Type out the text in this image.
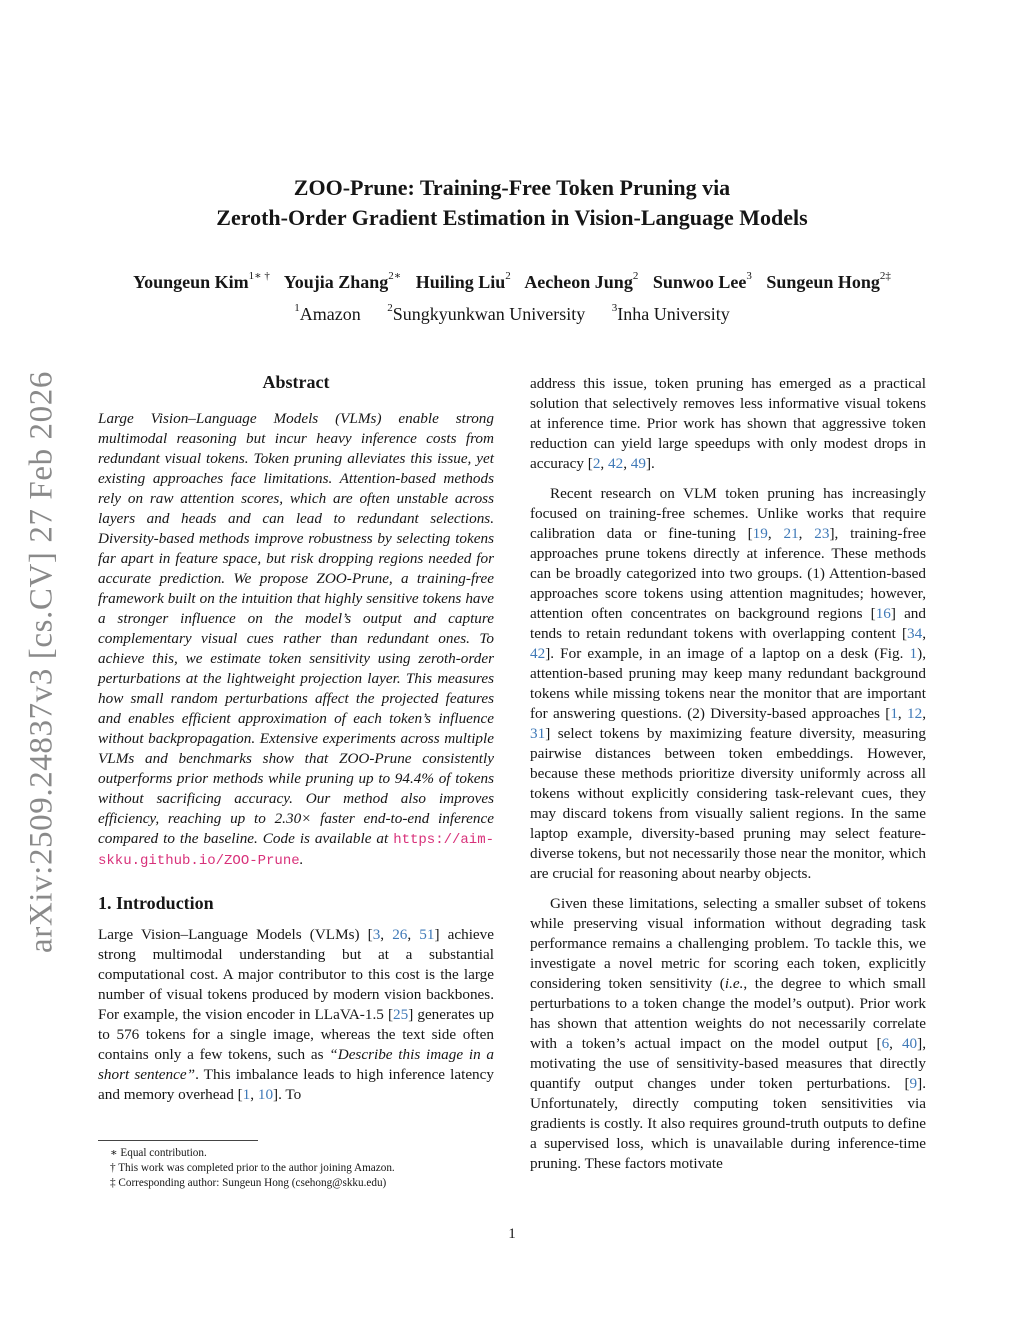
arXiv:2509.24837v3 [cs.CV] 27 Feb 2026
ZOO-Prune: Training-Free Token Pruning via
Zeroth-Order Gradient Estimation in Vision-Language Models
Youngeun Kim$^{1∗ \dagger}$ Youjia Zhang$^{2∗}$ Huiling Liu$^2$ Aecheon Jung$^2$ Sunwoo Lee$^3$ Sungeun Hong$^{2\ddagger}$
$^1$Amazon $^2$Sungkyunkwan University $^3$Inha University
Abstract

Large Vision–Language Models (VLMs) enable strong multimodal reasoning but incur heavy inference costs from redundant visual tokens. Token pruning alleviates this issue, yet existing approaches face limitations. Attention-based methods rely on raw attention scores, which are often unstable across layers and heads and can lead to redundant selections. Diversity-based methods improve robustness by selecting tokens far apart in feature space, but risk dropping regions needed for accurate prediction. We propose ZOO-Prune, a training-free framework built on the intuition that highly sensitive tokens have a stronger influence on the model’s output and capture complementary visual cues rather than redundant ones. To achieve this, we estimate token sensitivity using zeroth-order perturbations at the lightweight projection layer. This measures how small random perturbations affect the projected features and enables efficient approximation of each token’s influence without backpropagation. Extensive experiments across multiple VLMs and benchmarks show that ZOO-Prune consistently outperforms prior methods while pruning up to 94.4% of tokens without sacrificing accuracy. Our method also improves efficiency, reaching up to 2.30× faster end-to-end inference compared to the baseline. Code is available at https://aim-skku.github.io/ZOO-Prune.

1. Introduction

Large Vision–Language Models (VLMs) [3, 26, 51] achieve strong multimodal understanding but at a substantial computational cost. A major contributor to this cost is the large number of visual tokens produced by modern vision backbones. For example, the vision encoder in LLaVA-1.5 [25] generates up to 576 tokens for a single image, whereas the text side often contains only a few tokens, such as “Describe this image in a short sentence”. This imbalance leads to high inference latency and memory overhead [1, 10]. To

∗ Equal contribution.
† This work was completed prior to the author joining Amazon.
‡ Corresponding author: Sungeun Hong (csehong@skku.edu)

address this issue, token pruning has emerged as a practical solution that selectively removes less informative visual tokens at inference time. Prior work has shown that aggressive token reduction can yield large speedups with only modest drops in accuracy [2, 42, 49].

Recent research on VLM token pruning has increasingly focused on training-free schemes. Unlike works that require calibration data or fine-tuning [19, 21, 23], training-free approaches prune tokens directly at inference. These methods can be broadly categorized into two groups. (1) Attention-based approaches score tokens using attention magnitudes; however, attention often concentrates on background regions [16] and tends to retain redundant tokens with overlapping content [34, 42]. For example, in an image of a laptop on a desk (Fig. 1), attention-based pruning may keep many redundant background tokens while missing tokens near the monitor that are important for answering questions. (2) Diversity-based approaches [1, 12, 31] select tokens by maximizing feature diversity, measuring pairwise distances between token embeddings. However, because these methods prioritize diversity uniformly across all tokens without explicitly considering task-relevant cues, they may discard tokens from visually salient regions. In the same laptop example, diversity-based pruning may select feature-diverse tokens, but not necessarily those near the monitor, which are crucial for reasoning about nearby objects.

Given these limitations, selecting a smaller subset of tokens while preserving visual information without degrading task performance remains a challenging problem. To tackle this, we investigate a novel metric for scoring each token, explicitly considering token sensitivity (i.e., the degree to which small perturbations to a token change the model’s output). Prior work has shown that attention weights do not necessarily correlate with a token’s actual impact on the model output [6, 40], motivating the use of sensitivity-based measures that directly quantify output changes under token perturbations. [9]. Unfortunately, directly computing token sensitivities via gradients is costly. It also requires ground-truth outputs to define a supervised loss, which is unavailable during inference-time pruning. These factors motivate

1
